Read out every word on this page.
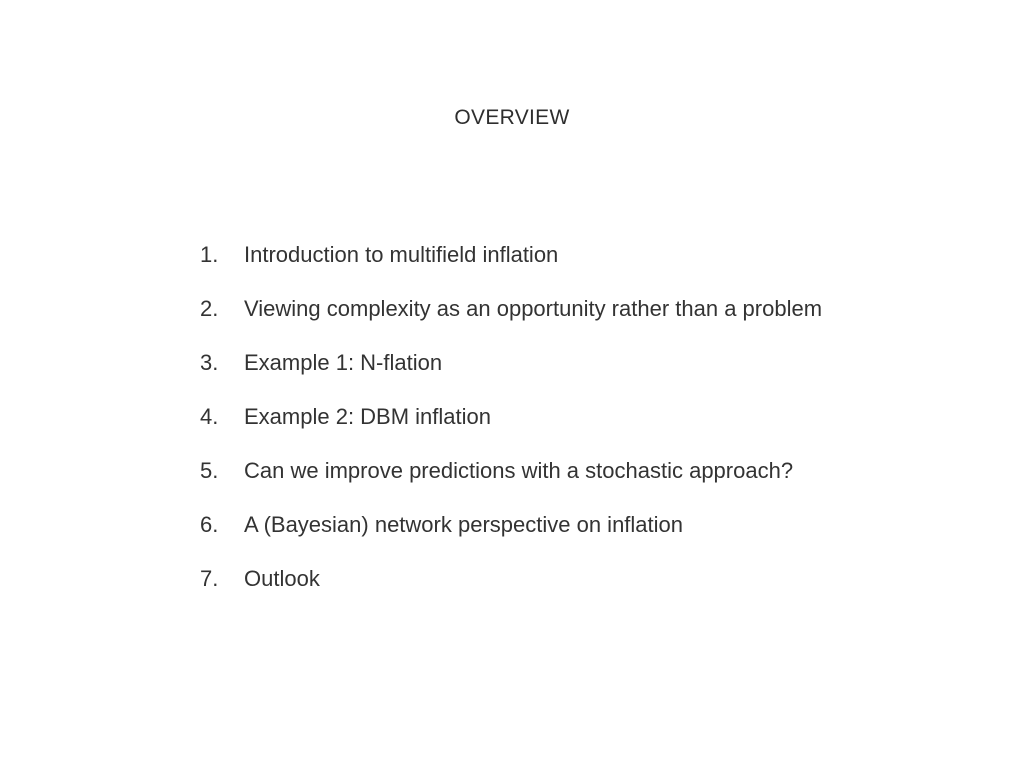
OVERVIEW
1.	Introduction to multifield inflation
2.	Viewing complexity as an opportunity rather than a problem
3.	Example 1: N-flation
4.	Example 2: DBM inflation
5.	Can we improve predictions with a stochastic approach?
6.	A (Bayesian) network perspective on inflation
7.	Outlook
